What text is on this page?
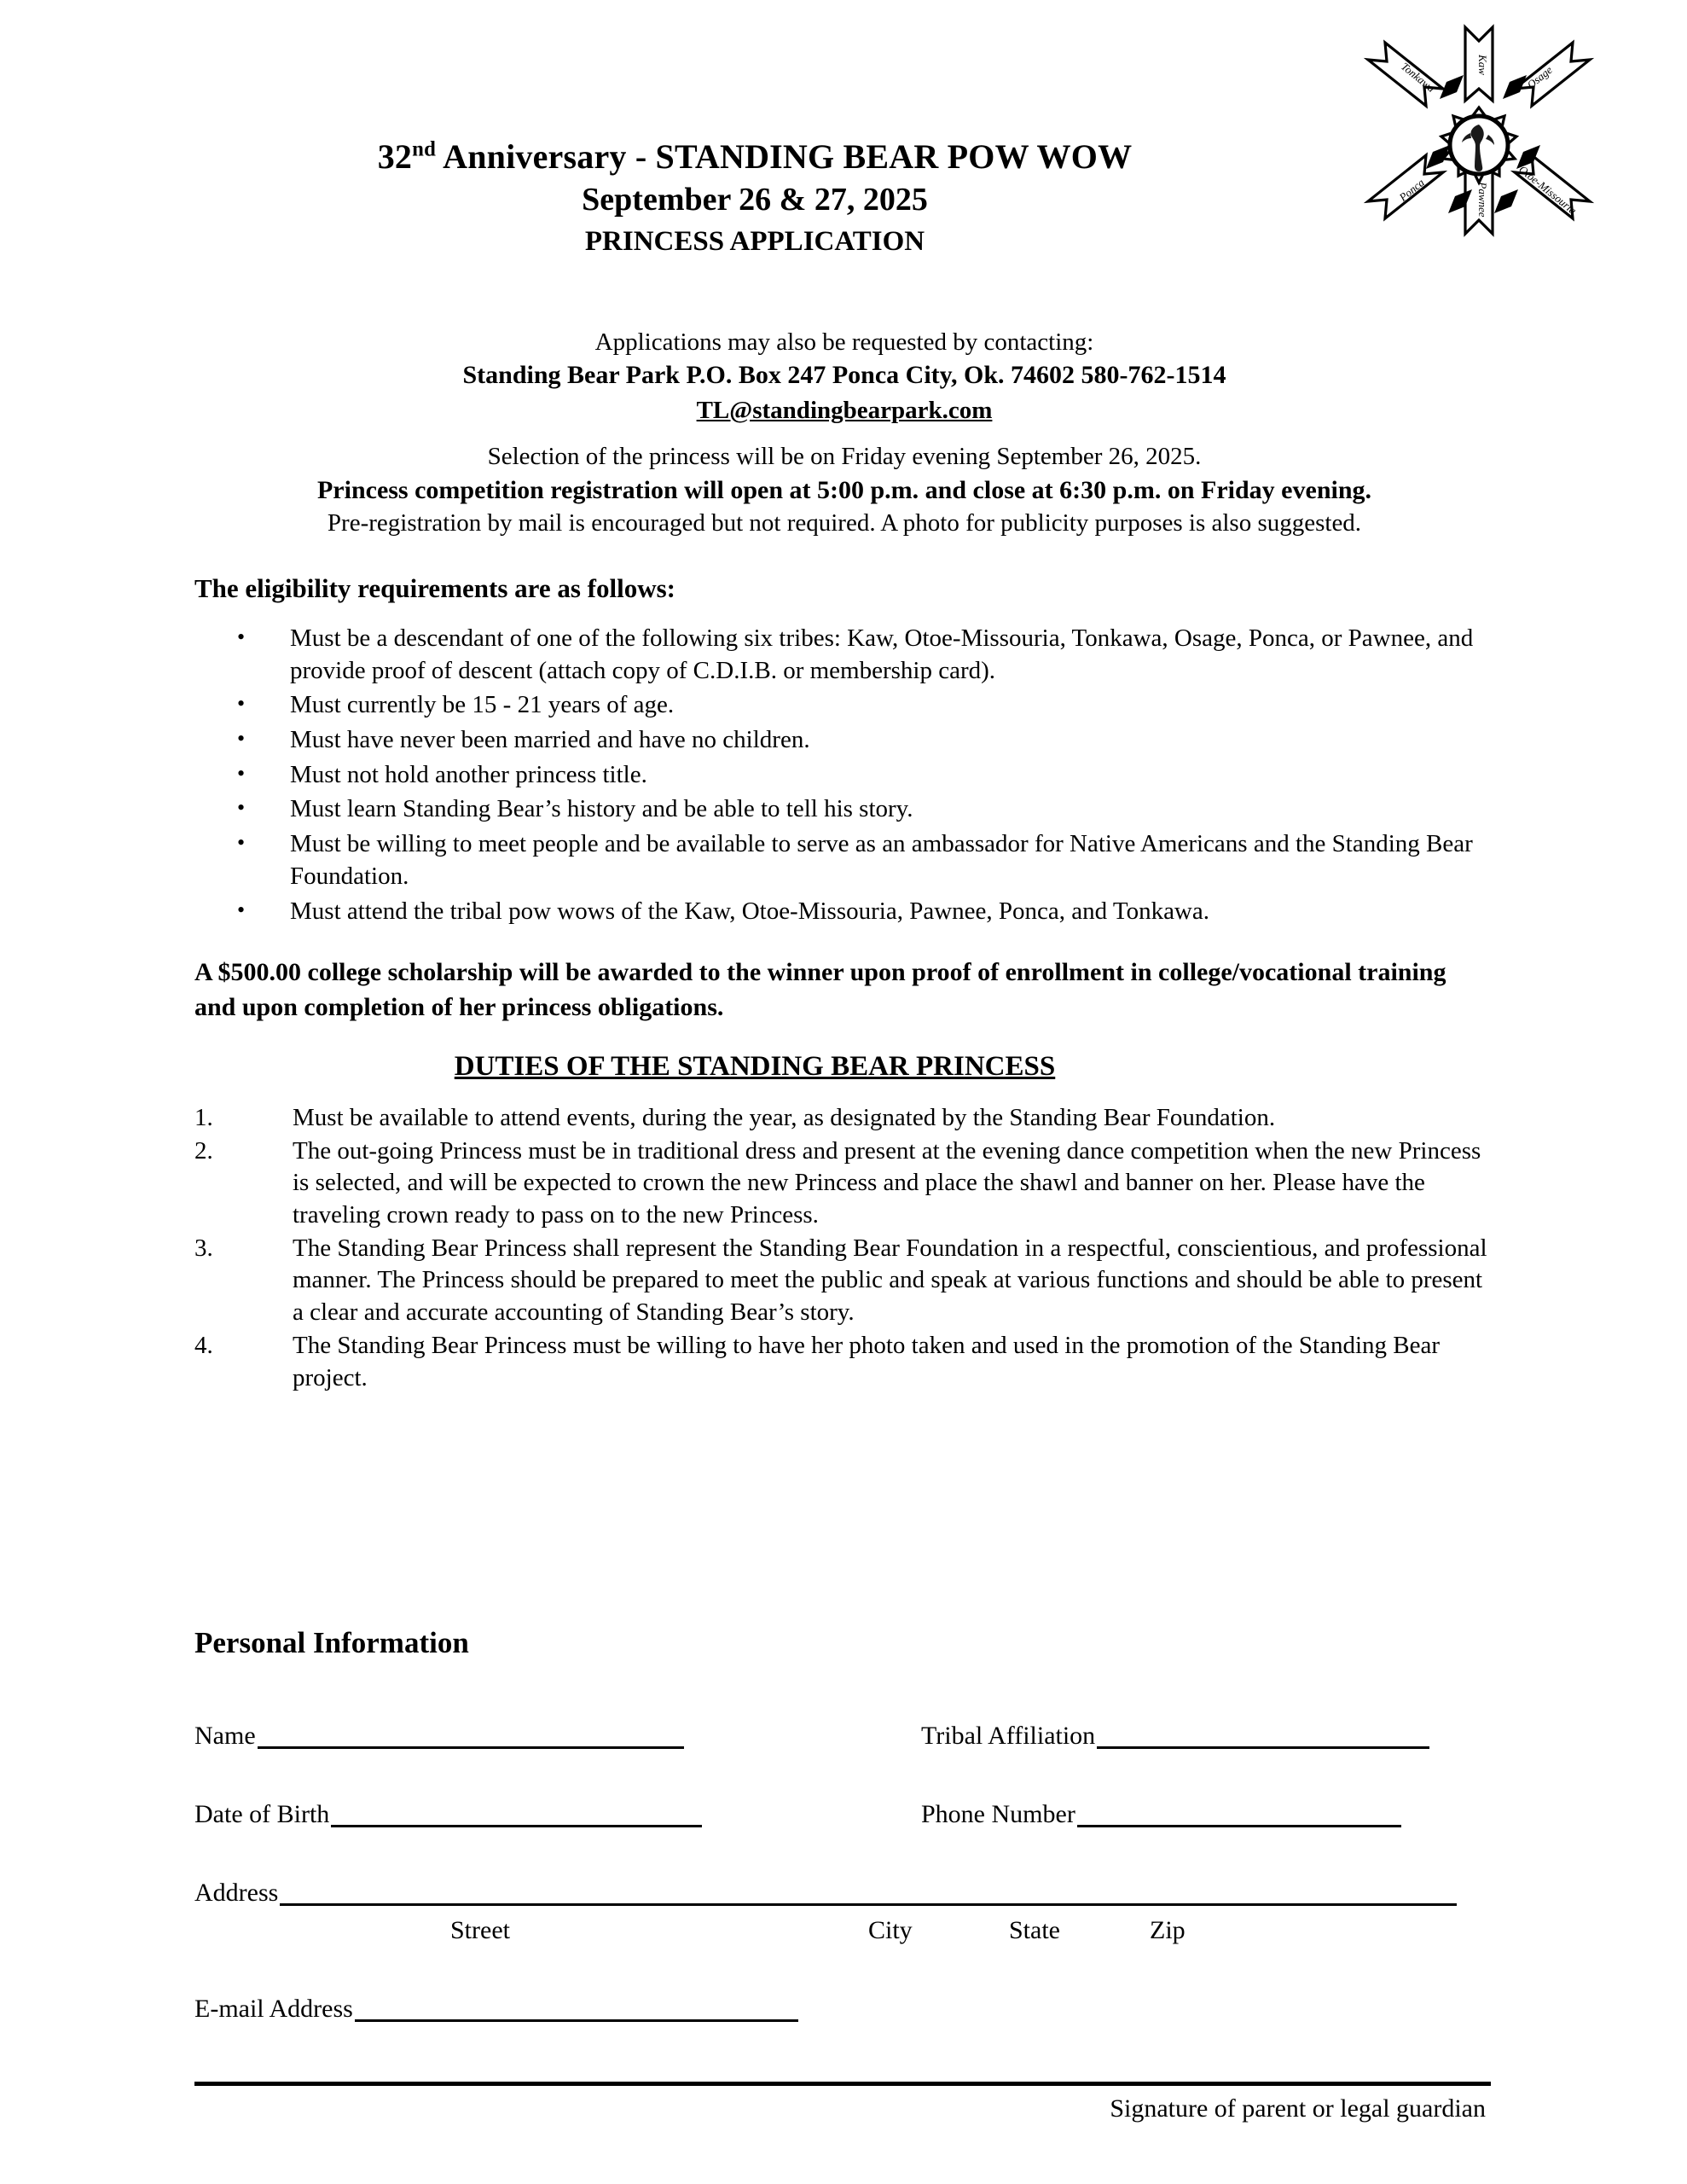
Kaw
Tonkawa	Osage
Ponca	Otoe-Missouria
Pawnee
32nd Anniversary - STANDING BEAR POW WOW
September 26 & 27, 2025
PRINCESS APPLICATION
Applications may also be requested by contacting:
Standing Bear Park P.O. Box 247 Ponca City, Ok. 74602 580-762-1514
TL@standingbearpark.com
Selection of the princess will be on Friday evening September 26, 2025.
Princess competition registration will open at 5:00 p.m. and close at 6:30 p.m. on Friday evening.
Pre-registration by mail is encouraged but not required. A photo for publicity purposes is also suggested.
The eligibility requirements are as follows:
• Must be a descendant of one of the following six tribes: Kaw, Otoe-Missouria, Tonkawa, Osage, Ponca, or Pawnee, and provide proof of descent (attach copy of C.D.I.B. or membership card).
• Must currently be 15 - 21 years of age.
• Must have never been married and have no children.
• Must not hold another princess title.
• Must learn Standing Bear’s history and be able to tell his story.
• Must be willing to meet people and be available to serve as an ambassador for Native Americans and the Standing Bear Foundation.
• Must attend the tribal pow wows of the Kaw, Otoe-Missouria, Pawnee, Ponca, and Tonkawa.
A $500.00 college scholarship will be awarded to the winner upon proof of enrollment in college/vocational training and upon completion of her princess obligations.
DUTIES OF THE STANDING BEAR PRINCESS
1.	Must be available to attend events, during the year, as designated by the Standing Bear Foundation.
2.	The out-going Princess must be in traditional dress and present at the evening dance competition when the new Princess is selected, and will be expected to crown the new Princess and place the shawl and banner on her. Please have the traveling crown ready to pass on to the new Princess.
3.	The Standing Bear Princess shall represent the Standing Bear Foundation in a respectful, conscientious, and professional manner. The Princess should be prepared to meet the public and speak at various functions and should be able to present a clear and accurate accounting of Standing Bear’s story.
4.	The Standing Bear Princess must be willing to have her photo taken and used in the promotion of the Standing Bear project.
Personal Information
Name	Tribal Affiliation
Date of Birth	Phone Number
Address
Street	City	State	Zip
E-mail Address
Signature of parent or legal guardian
